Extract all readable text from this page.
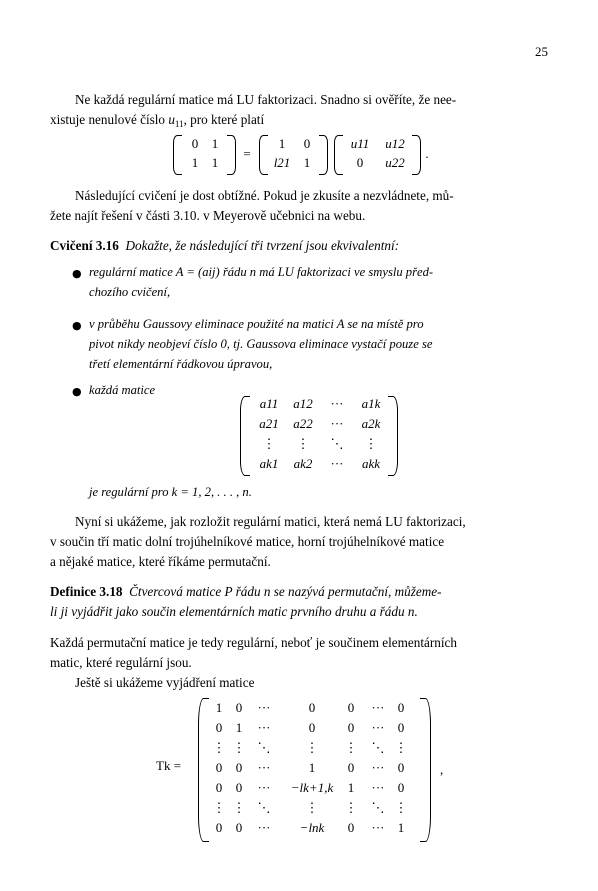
25
Ne každá regulární matice má LU faktorizaci. Snadno si ověříte, že nee-
xistuje nenulové číslo $u_{11}$, pro které platí
0	1
1	1
=
1	0
l21	1
u11	u12
0	u22
.
Následující cvičení je dost obtížné. Pokud je zkusíte a nezvládnete, mů-
žete najít řešení v části 3.10. v Meyerově učebnici na webu.
Cvičení 3.16 Dokažte, že následující tři tvrzení jsou ekvivalentní:
● regulární matice A = (aij) řádu n má LU faktorizaci ve smyslu před-
chozího cvičení,
● v průběhu Gaussovy eliminace použité na matici A se na místě pro
pivot nikdy neobjeví číslo 0, tj. Gaussova eliminace vystačí pouze se
třetí elementární řádkovou úpravou,
● každá matice
a11	a12	···	a1k
a21	a22	···	a2k
⋮	⋮	⋱	⋮
ak1	ak2	···	akk
je regulární pro k = 1, 2, . . . , n.
Nyní si ukážeme, jak rozložit regulární matici, která nemá LU faktorizaci,
v součin tří matic dolní trojúhelníkové matice, horní trojúhelníkové matice
a nějaké matice, které říkáme permutační.
Definice 3.18 Čtvercová matice P řádu n se nazývá permutační, můžeme-
li ji vyjádřit jako součin elementárních matic prvního druhu a řádu n.
Každá permutační matice je tedy regulární, neboť je součinem elementárních
matic, které regulární jsou.
Ještě si ukážeme vyjádření matice
Tk =
1	0	···	0	0	···	0
0	1	···	0	0	···	0
⋮ ⋮ ⋱	⋮	⋮	⋱ ⋮
0	0	···	1	0	···	0
0	0	···	−lk+1,k	1	···	0
⋮ ⋮ ⋱	⋮	⋮	⋱ ⋮
0	0	···	−lnk	0	···	1
,
